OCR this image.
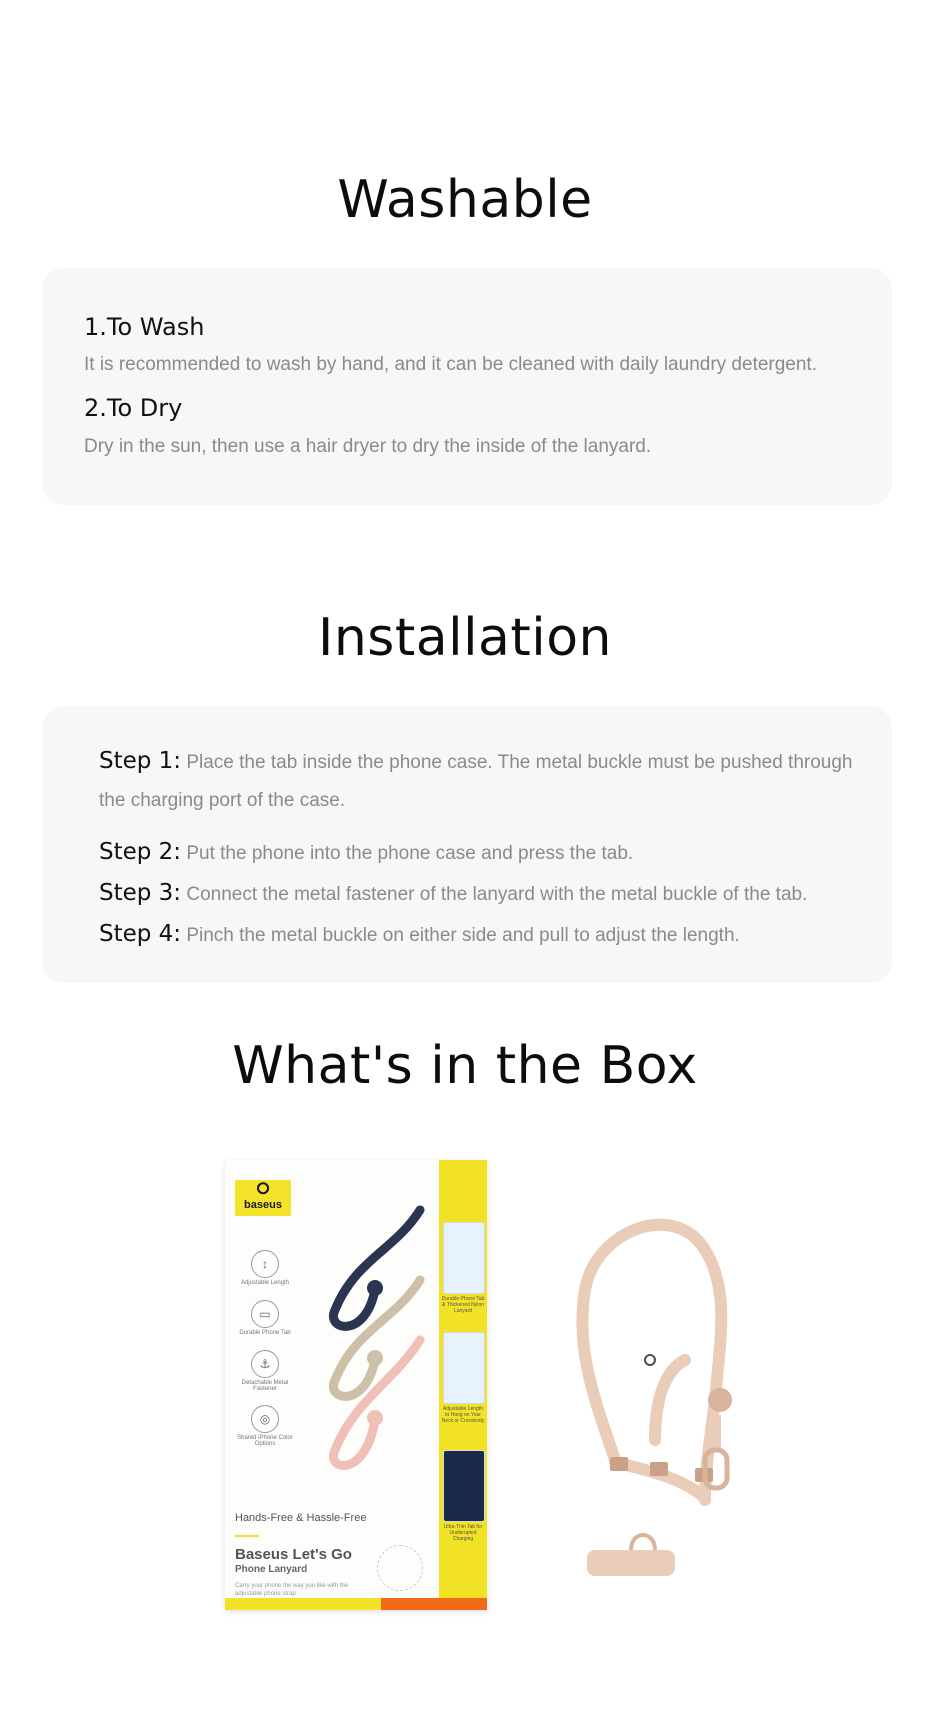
Washable
1.To Wash
It is recommended to wash by hand, and it can be cleaned with daily laundry detergent.
2.To Dry
Dry in the sun, then use a hair dryer to dry the inside of the lanyard.
Installation
Step 1: Place the tab inside the phone case. The metal buckle must be pushed through the charging port of the case.
Step 2: Put the phone into the phone case and press the tab.
Step 3: Connect the metal fastener of the lanyard with the metal buckle of the tab.
Step 4: Pinch the metal buckle on either side and pull to adjust the length.
What's in the Box
Durable Phone Tab & Thickened Nylon Lanyard
Adjustable Length to Hang on Your Neck or Crossbody
Ultra-Thin Tab for Undisrupted Charging
⭘
baseus
↕
Adjustable Length
▭
Durable Phone Tab
⚓
Detachable Metal Fastener
◎
Shared iPhone Color Options
Hands-Free & Hassle-Free
Baseus Let's Go
Phone Lanyard
Carry your phone the way you like with the adjustable phone strap
